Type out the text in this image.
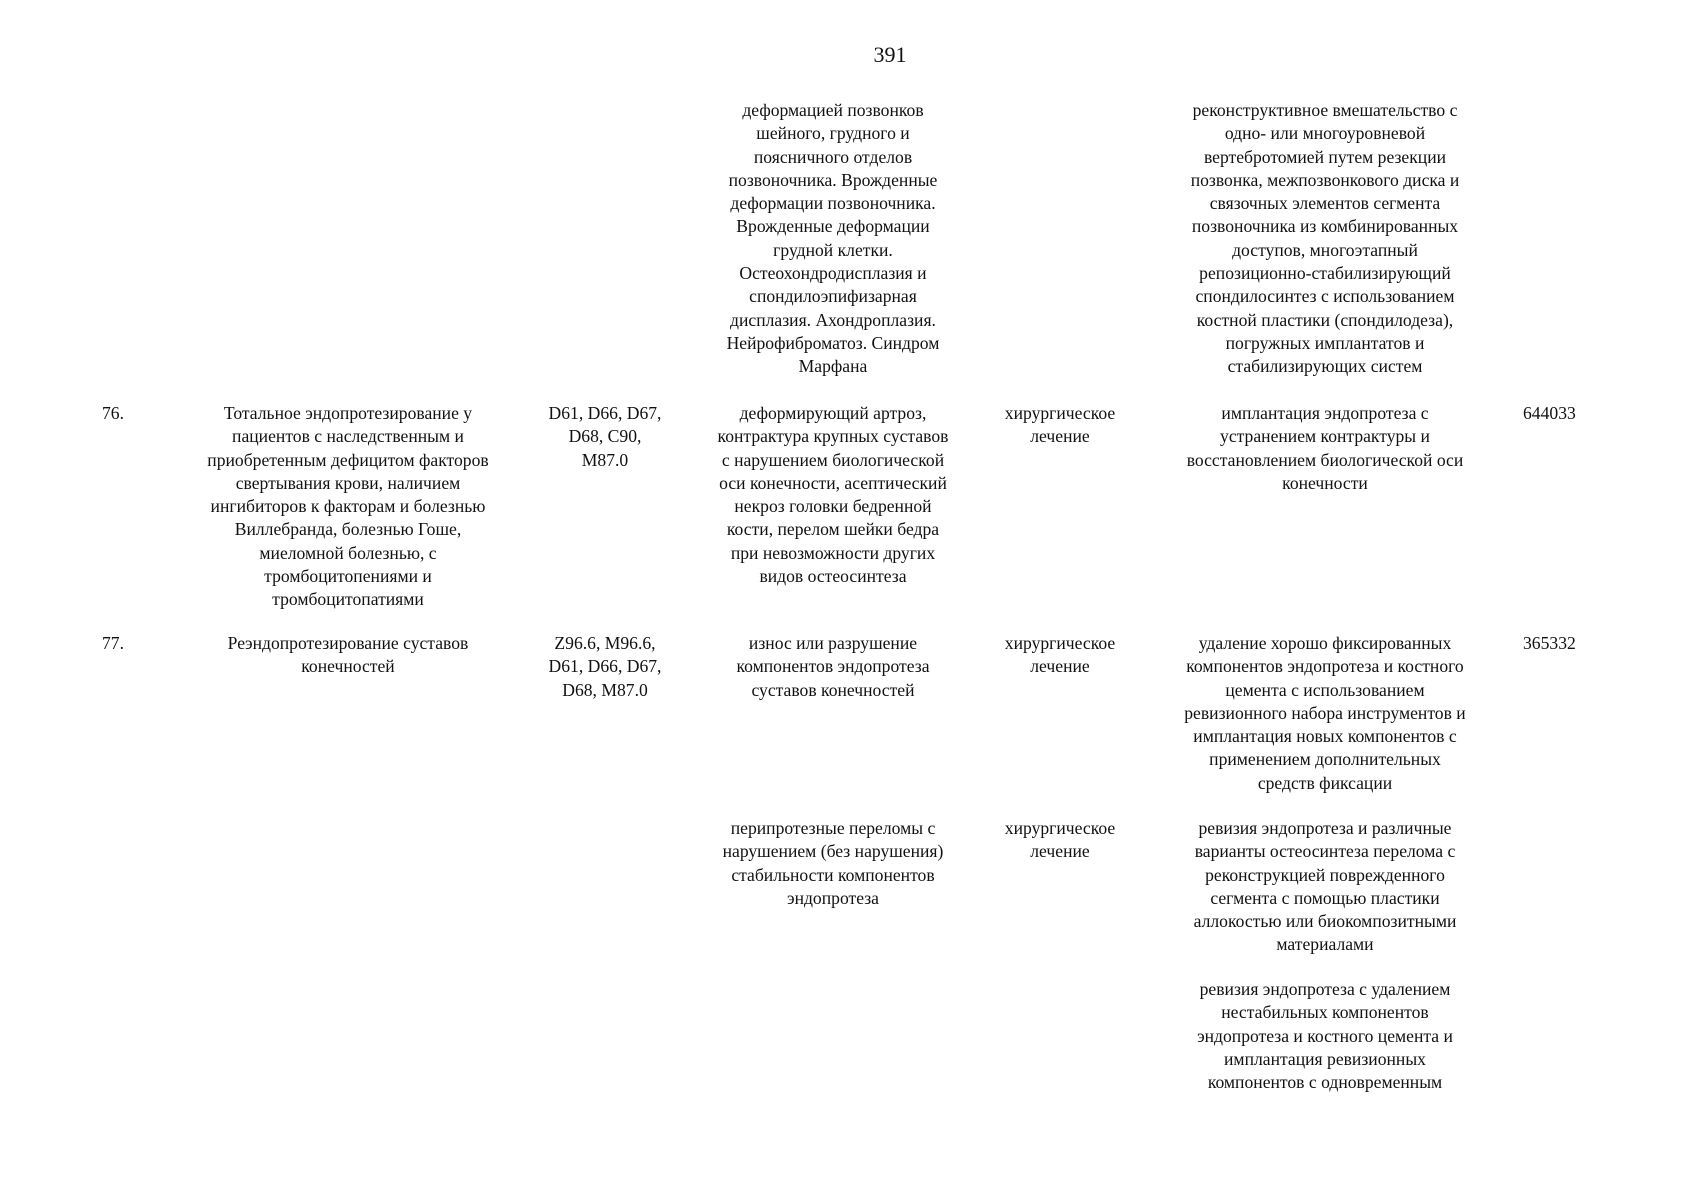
391
деформацией позвонков
шейного, грудного и
поясничного отделов
позвоночника. Врожденные
деформации позвоночника.
Врожденные деформации
грудной клетки.
Остеохондродисплазия и
спондилоэпифизарная
дисплазия. Ахондроплазия.
Нейрофиброматоз. Синдром
Марфана
реконструктивное вмешательство с
одно- или многоуровневой
вертебротомией путем резекции
позвонка, межпозвонкового диска и
связочных элементов сегмента
позвоночника из комбинированных
доступов, многоэтапный
репозиционно-стабилизирующий
спондилосинтез с использованием
костной пластики (спондилодеза),
погружных имплантатов и
стабилизирующих систем
76.	Тотальное эндопротезирование у
пациентов с наследственным и
приобретенным дефицитом факторов
свертывания крови, наличием
ингибиторов к факторам и болезнью
Виллебранда, болезнью Гоше,
миеломной болезнью, с
тромбоцитопениями и
тромбоцитопатиями
D61, D66, D67,
D68, C90,
M87.0
деформирующий артроз,
контрактура крупных суставов
с нарушением биологической
оси конечности, асептический
некроз головки бедренной
кости, перелом шейки бедра
при невозможности других
видов остеосинтеза
хирургическое
лечение
имплантация эндопротеза с
устранением контрактуры и
восстановлением биологической оси
конечности
644033
77.	Реэндопротезирование суставов
конечностей
Z96.6, M96.6,
D61, D66, D67,
D68, M87.0
износ или разрушение
компонентов эндопротеза
суставов конечностей
хирургическое
лечение
удаление хорошо фиксированных
компонентов эндопротеза и костного
цемента с использованием
ревизионного набора инструментов и
имплантация новых компонентов с
применением дополнительных
средств фиксации
365332
перипротезные переломы с
нарушением (без нарушения)
стабильности компонентов
эндопротеза
хирургическое
лечение
ревизия эндопротеза и различные
варианты остеосинтеза перелома с
реконструкцией поврежденного
сегмента с помощью пластики
аллокостью или биокомпозитными
материалами
ревизия эндопротеза с удалением
нестабильных компонентов
эндопротеза и костного цемента и
имплантация ревизионных
компонентов с одновременным
